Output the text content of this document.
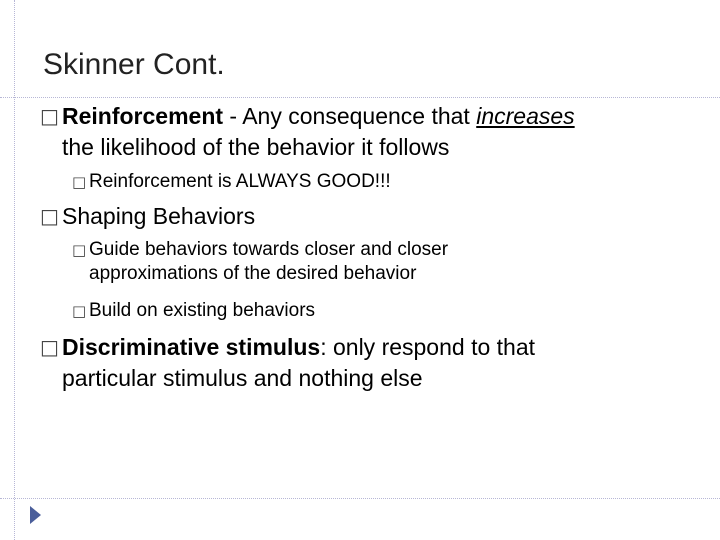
Skinner Cont.
□ Reinforcement - Any consequence that increases
the likelihood of the behavior it follows
□ Reinforcement is ALWAYS GOOD!!!
□ Shaping Behaviors
□ Guide behaviors towards closer and closer
approximations of the desired behavior
□ Build on existing behaviors
□ Discriminative stimulus: only respond to that
particular stimulus and nothing else
